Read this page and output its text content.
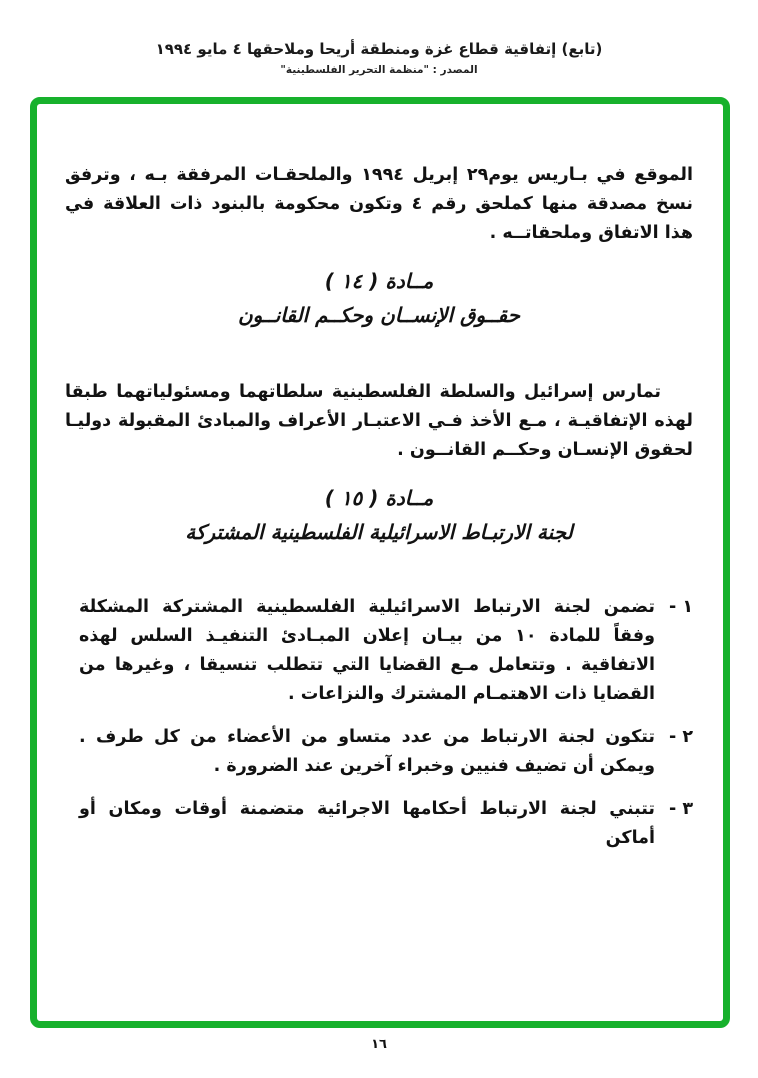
(تابع) إتفاقية قطاع غزة ومنطقة أريحا وملاحقها ٤ مايو ١٩٩٤
المصدر : "منظمة التحرير الفلسطينية"

الموقع في بـاريس يوم٢٩ إبريل ١٩٩٤ والملحقـات المرفقة بـه ، وترفق نسخ مصدقة منها كملحق رقم ٤ وتكون محكومة بالبنود ذات العلاقة في هذا الاتفاق وملحقاتــه .

مــادة ( ١٤ )
حقــوق الإنســان وحكــم القانــون

تمارس إسرائيل والسلطة الفلسطينية سلطاتهما ومسئولياتهما طبقا لهذه الإتفاقيـة ، مـع الأخذ فـي الاعتبـار الأعراف والمبادئ المقبولة دوليـا لحقوق الإنسـان وحكــم القانــون .

مــادة ( ١٥ )
لجنة الارتبـاط الاسرائيلية الفلسطينية المشتركة
١ -
تضمن لجنة الارتباط الاسرائيلية الفلسطينية المشتركة المشكلة وفقاً للمادة ١٠ من بيـان إعلان المبـادئ التنفيـذ السلس لهذه الاتفاقية . وتتعامل مـع القضايا التي تتطلب تنسيقا ، وغيرها من القضايا ذات الاهتمـام المشترك والنزاعات .
٢ -
تتكون لجنة الارتباط من عدد متساو من الأعضاء من كل طرف . ويمكن أن تضيف فنيين وخبراء آخرين عند الضرورة .
٣ -
تتبني لجنة الارتباط أحكامها الاجرائية متضمنة أوقات ومكان أو أماكن
١٦
